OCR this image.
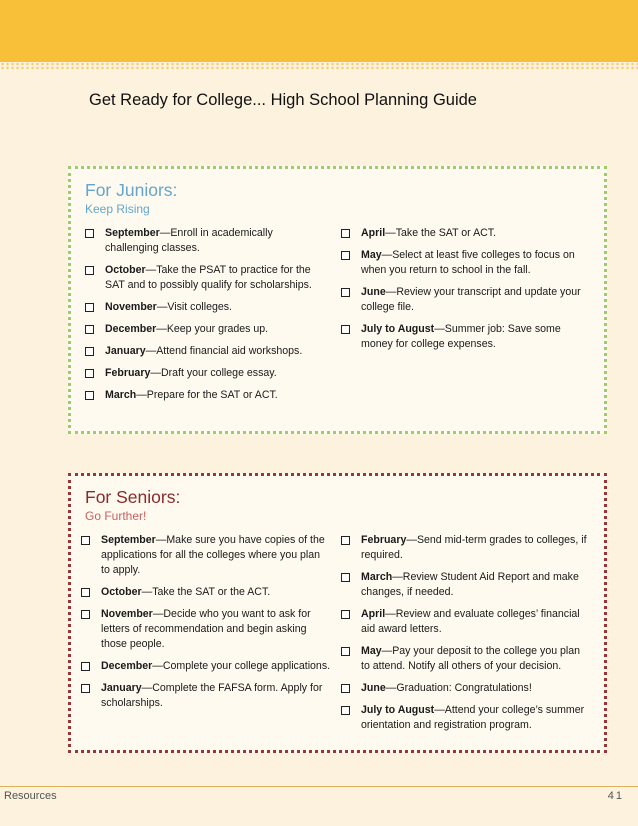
Get Ready for College... High School Planning Guide
For Juniors:
Keep Rising
September—Enroll in academically challenging classes.
October—Take the PSAT to practice for the SAT and to possibly qualify for scholarships.
November—Visit colleges.
December—Keep your grades up.
January—Attend financial aid workshops.
February—Draft your college essay.
March—Prepare for the SAT or ACT.
April—Take the SAT or ACT.
May—Select at least five colleges to focus on when you return to school in the fall.
June—Review your transcript and update your college file.
July to August—Summer job: Save some money for college expenses.
For Seniors:
Go Further!
September—Make sure you have copies of the applications for all the colleges where you plan to apply.
October—Take the SAT or the ACT.
November—Decide who you want to ask for letters of recommendation and begin asking those people.
December—Complete your college applications.
January—Complete the FAFSA form. Apply for scholarships.
February—Send mid-term grades to colleges, if required.
March—Review Student Aid Report and make changes, if needed.
April—Review and evaluate colleges’ financial aid award letters.
May—Pay your deposit to the college you plan to attend. Notify all others of your decision.
June—Graduation: Congratulations!
July to August—Attend your college’s summer orientation and registration program.
Resources	41
